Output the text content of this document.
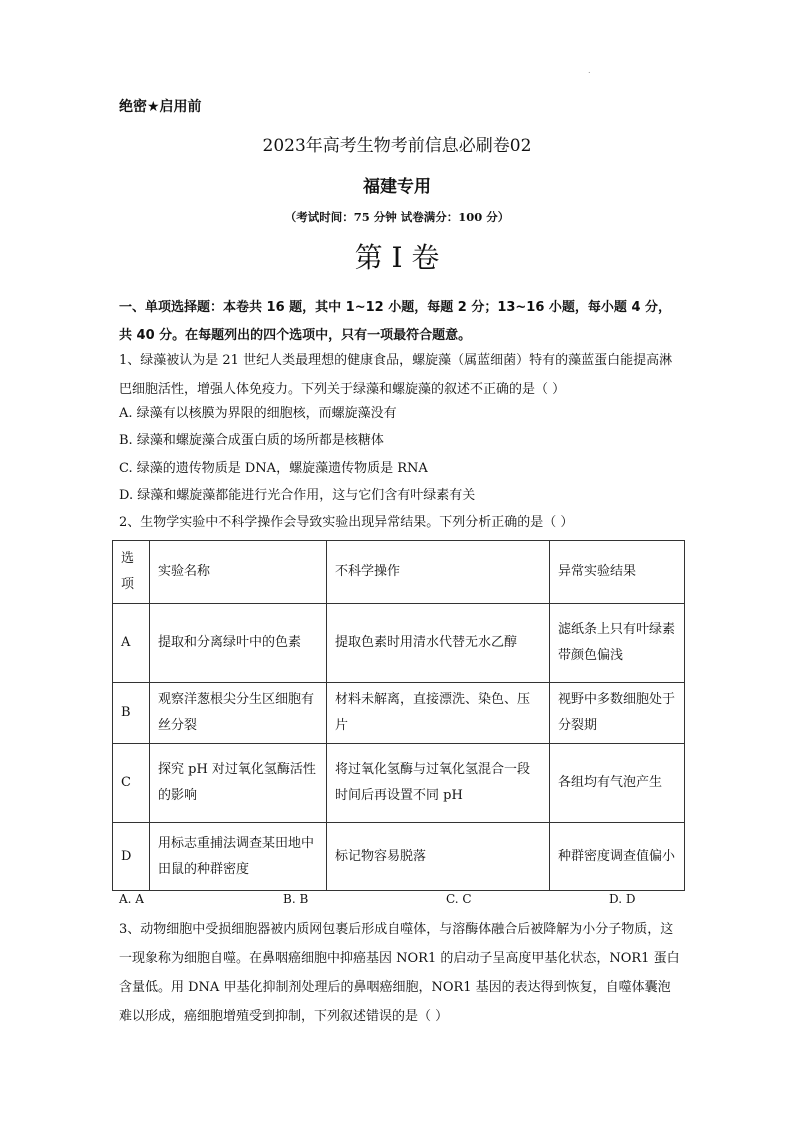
.
绝密★启用前
2023年高考生物考前信息必刷卷02
福建专用
（考试时间：75 分钟 试卷满分：100 分）
第 I 卷
一、单项选择题：本卷共 16 题，其中 1~12 小题，每题 2 分；13~16 小题，每小题 4 分，共 40 分。在每题列出的四个选项中，只有一项最符合题意。
1、绿藻被认为是 21 世纪人类最理想的健康食品，螺旋藻（属蓝细菌）特有的藻蓝蛋白能提高淋巴细胞活性，增强人体免疫力。下列关于绿藻和螺旋藻的叙述不正确的是（ ）
A. 绿藻有以核膜为界限的细胞核，而螺旋藻没有
B. 绿藻和螺旋藻合成蛋白质的场所都是核糖体
C. 绿藻的遗传物质是 DNA，螺旋藻遗传物质是 RNA
D. 绿藻和螺旋藻都能进行光合作用，这与它们含有叶绿素有关
2、生物学实验中不科学操作会导致实验出现异常结果。下列分析正确的是（ ）
选项	实验名称	不科学操作	异常实验结果
A	提取和分离绿叶中的色素	提取色素时用清水代替无水乙醇	滤纸条上只有叶绿素带颜色偏浅
B	观察洋葱根尖分生区细胞有丝分裂	材料未解离，直接漂洗、染色、压片	视野中多数细胞处于分裂期
C	探究 pH 对过氧化氢酶活性的影响	将过氧化氢酶与过氧化氢混合一段时间后再设置不同 pH	各组均有气泡产生
D	用标志重捕法调查某田地中田鼠的种群密度	标记物容易脱落	种群密度调查值偏小
A. A	B. B	C. C	D. D
3、动物细胞中受损细胞器被内质网包裹后形成自噬体，与溶酶体融合后被降解为小分子物质，这一现象称为细胞自噬。在鼻咽癌细胞中抑癌基因 NOR1 的启动子呈高度甲基化状态，NOR1 蛋白含量低。用 DNA 甲基化抑制剂处理后的鼻咽癌细胞，NOR1 基因的表达得到恢复，自噬体囊泡难以形成，癌细胞增殖受到抑制，下列叙述错误的是（ ）
